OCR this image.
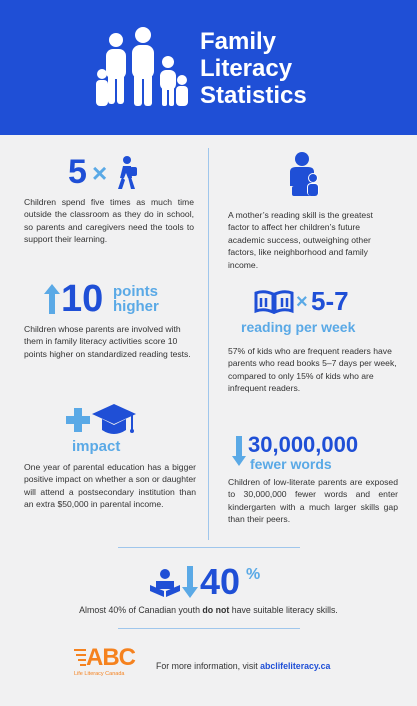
Family
Literacy
Statistics
5 ×
Children spend five times as much time outside the classroom as they do in school, so parents and caregivers need the tools to support their learning.
A mother’s reading skill is the greatest factor to affect her children’s future academic success, outweighing other factors, like neighborhood and family income.
10 points
higher
Children whose parents are involved with them in family literacy activities score 10 points higher on standardized reading tests.
× 5-7
reading per week
57% of kids who are frequent readers have parents who read books 5–7 days per week, compared to only 15% of kids who are infrequent readers.
impact
One year of parental education has a bigger positive impact on whether a son or daughter will attend a postsecondary institution than an extra $50,000 in parental income.
30,000,000
fewer words
Children of low-literate parents are exposed to 30,000,000 fewer words and enter kindergarten with a much larger skills gap than their peers.
40 %
Almost 40% of Canadian youth do not have suitable literacy skills.
ABC
Life Literacy Canada
For more information, visit abclifeliteracy.ca
